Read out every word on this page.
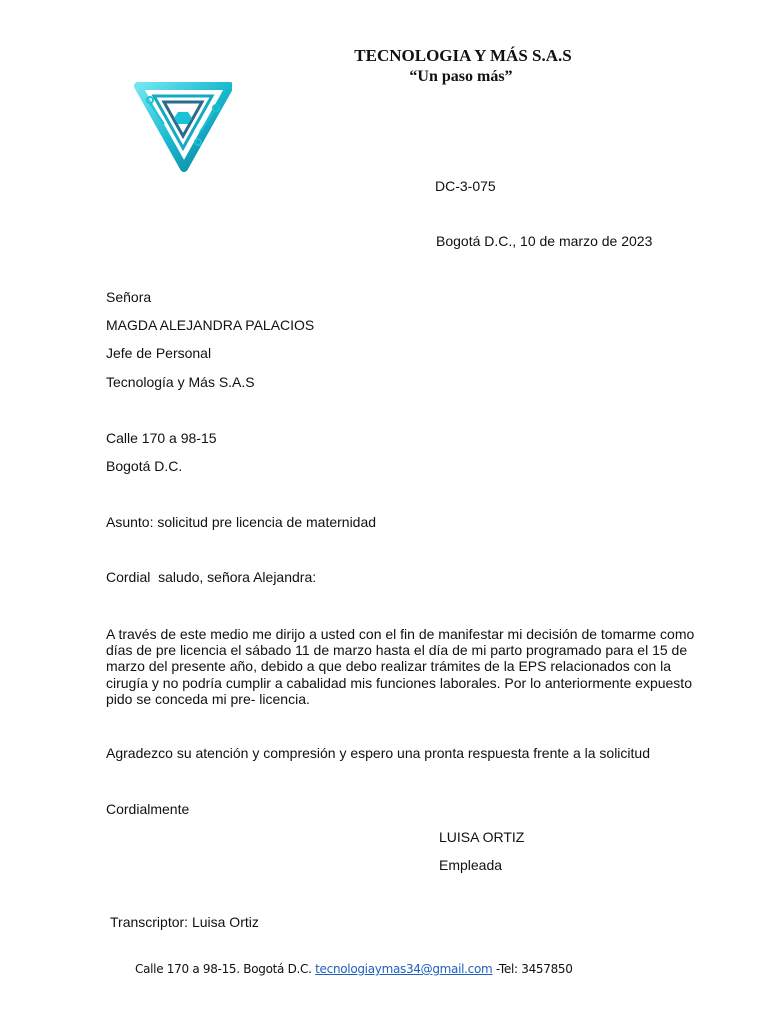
TECNOLOGIA Y MÁS S.A.S
“Un paso más”
DC-3-075
Bogotá D.C., 10 de marzo de 2023
Señora
MAGDA ALEJANDRA PALACIOS
Jefe de Personal
Tecnología y Más S.A.S
Calle 170 a 98-15
Bogotá D.C.
Asunto: solicitud pre licencia de maternidad
Cordial  saludo, señora Alejandra:
A través de este medio me dirijo a usted con el fin de manifestar mi decisión de tomarme como días de pre licencia el sábado 11 de marzo hasta el día de mi parto programado para el 15 de marzo del presente año, debido a que debo realizar trámites de la EPS relacionados con la cirugía y no podría cumplir a cabalidad mis funciones laborales. Por lo anteriormente expuesto pido se conceda mi pre- licencia.
Agradezco su atención y compresión y espero una pronta respuesta frente a la solicitud
Cordialmente
LUISA ORTIZ
Empleada
Transcriptor: Luisa Ortiz
Calle 170 a 98-15. Bogotá D.C. tecnologiaymas34@gmail.com -Tel: 3457850
